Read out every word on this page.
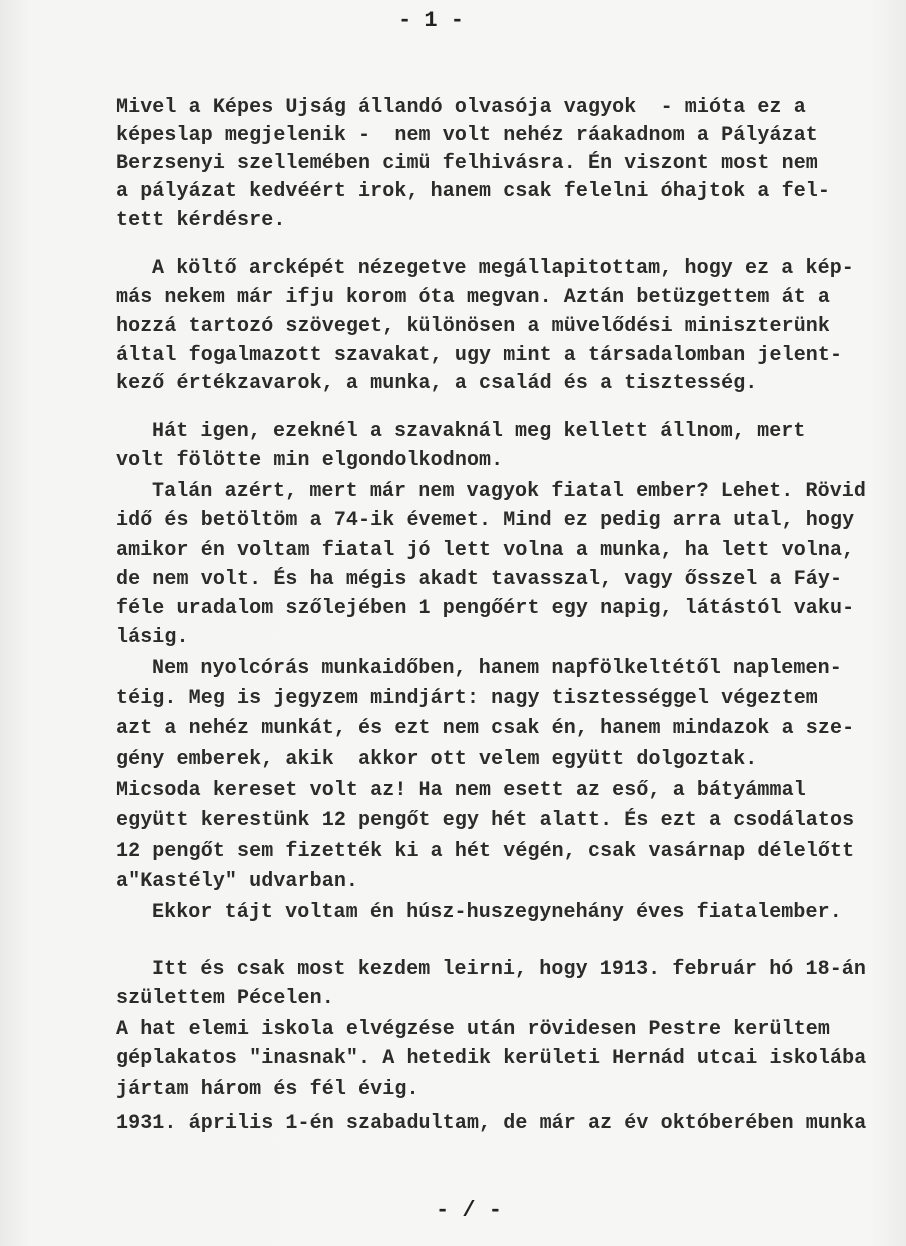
- 1 -
Mivel a Képes Ujság állandó olvasója vagyok  - mióta ez a
képeslap megjelenik -  nem volt nehéz ráakadnom a Pályázat
Berzsenyi szellemében cimü felhivásra. Én viszont most nem
a pályázat kedvéért irok, hanem csak felelni óhajtok a fel-
tett kérdésre.
A költő arcképét nézegetve megállapitottam, hogy ez a kép-
más nekem már ifju korom óta megvan. Aztán betüzgettem át a
hozzá tartozó szöveget, különösen a müvelődési miniszterünk
által fogalmazott szavakat, ugy mint a társadalomban jelent-
kező értékzavarok, a munka, a család és a tisztesség.
Hát igen, ezeknél a szavaknál meg kellett állnom, mert
volt fölötte min elgondolkodnom.
Talán azért, mert már nem vagyok fiatal ember? Lehet. Rövid
idő és betöltöm a 74-ik évemet. Mind ez pedig arra utal, hogy
amikor én voltam fiatal jó lett volna a munka, ha lett volna,
de nem volt. És ha mégis akadt tavasszal, vagy ősszel a Fáy-
féle uradalom szőlejében 1 pengőért egy napig, látástól vaku-
lásig.
Nem nyolcórás munkaidőben, hanem napfölkeltétől naplemen-
téig. Meg is jegyzem mindjárt: nagy tisztességgel végeztem
azt a nehéz munkát, és ezt nem csak én, hanem mindazok a sze-
gény emberek, akik  akkor ott velem együtt dolgoztak.
Micsoda kereset volt az! Ha nem esett az eső, a bátyámmal
együtt kerestünk 12 pengőt egy hét alatt. És ezt a csodálatos
12 pengőt sem fizették ki a hét végén, csak vasárnap délelőtt
a"Kastély" udvarban.
Ekkor tájt voltam én húsz-huszegynehány éves fiatalember.
Itt és csak most kezdem leirni, hogy 1913. február hó 18-án
születtem Pécelen.
A hat elemi iskola elvégzése után rövidesen Pestre kerültem
géplakatos "inasnak". A hetedik kerületi Hernád utcai iskolába
jártam három és fél évig.
1931. április 1-én szabadultam, de már az év októberében munka
- / -
